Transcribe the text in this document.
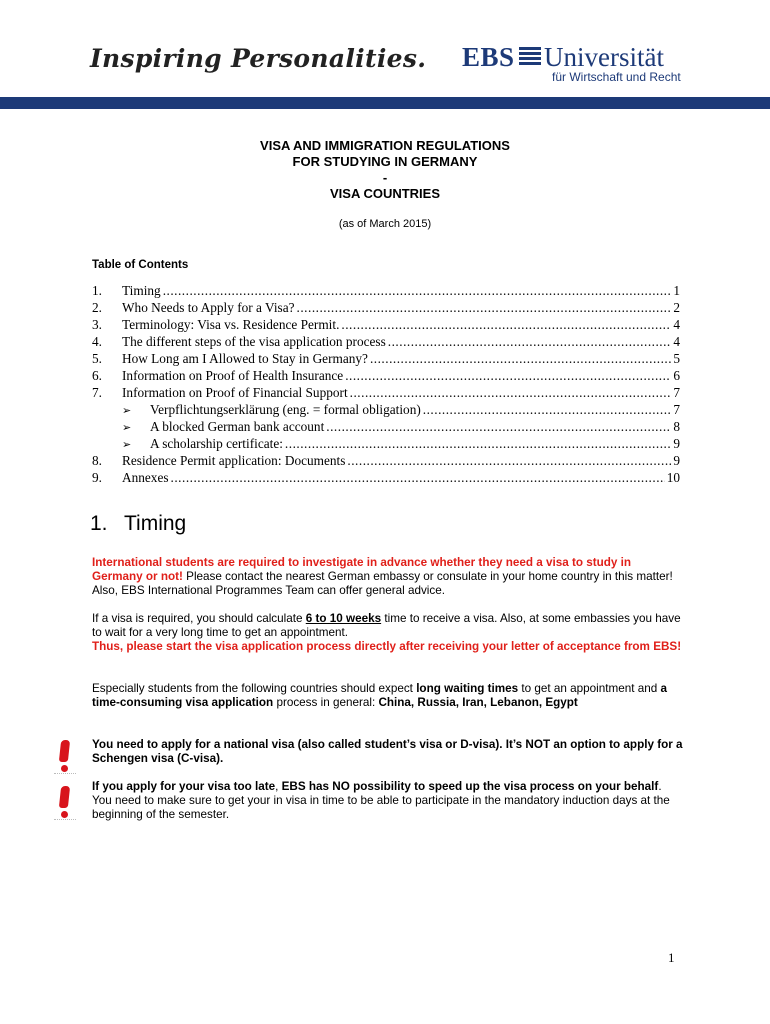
Inspiring Personalities. EBS Universität
für Wirtschaft und Recht
VISA AND IMMIGRATION REGULATIONS
FOR STUDYING IN GERMANY
-
VISA COUNTRIES
(as of March 2015)
Table of Contents
1.	Timing .....	1
2.	Who Needs to Apply for a Visa? .....	2
3.	Terminology: Visa vs. Residence Permit. .....	4
4.	The different steps of the visa application process .....	4
5.	How Long am I Allowed to Stay in Germany? .....	5
6.	Information on Proof of Health Insurance .....	6
7.	Information on Proof of Financial Support .....	7
➢	Verpflichtungserklärung (eng. = formal obligation) .....	7
➢	A blocked German bank account .....	8
➢	A scholarship certificate: .....	9
8.	Residence Permit application: Documents .....	9
9.	Annexes .....	10
1. Timing
International students are required to investigate in advance whether they need a visa to study in Germany or not! Please contact the nearest German embassy or consulate in your home country in this matter! Also, EBS International Programmes Team can offer general advice.
If a visa is required, you should calculate 6 to 10 weeks time to receive a visa. Also, at some embassies you have to wait for a very long time to get an appointment.
Thus, please start the visa application process directly after receiving your letter of acceptance from EBS!
Especially students from the following countries should expect long waiting times to get an appointment and a time-consuming visa application process in general: China, Russia, Iran, Lebanon, Egypt
You need to apply for a national visa (also called student’s visa or D-visa). It’s NOT an option to apply for a Schengen visa (C-visa).
If you apply for your visa too late, EBS has NO possibility to speed up the visa process on your behalf. You need to make sure to get your in visa in time to be able to participate in the mandatory induction days at the beginning of the semester.
1
